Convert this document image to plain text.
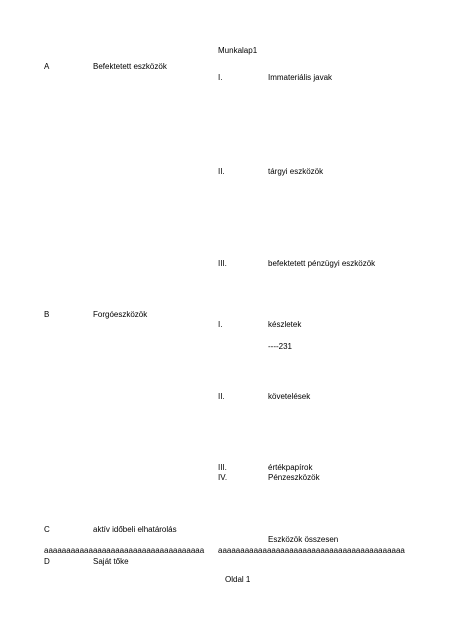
Munkalap1
A	Befektetett eszközök
B	Forgóeszközök
C	aktív időbeli elhatárolás
aaaaaaaaaaaaaaaaaaaaaaaaaaaaaaaaaaaa
D	Saját tőke
I.	Immateriális javak
II.	tárgyi eszközök
III.	befektetett pénzügyi eszközök
I.	készletek
----231
II.	követelések
III.	értékpapírok
IV.	Pénzeszközök
Eszközök összesen
aaaaaaaaaaaaaaaaaaaaaaaaaaaaaaaaaaaaaaaaaa
Oldal 1
